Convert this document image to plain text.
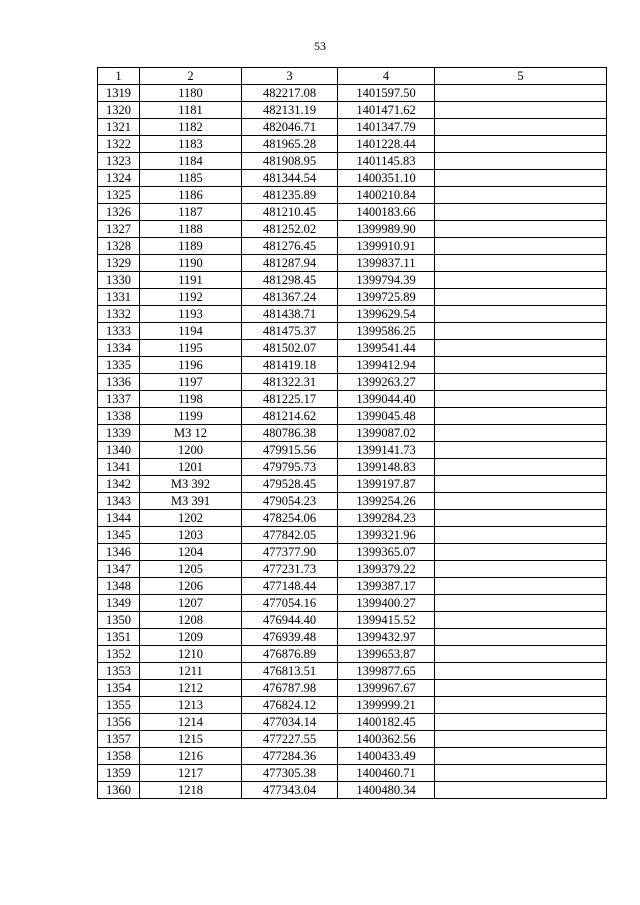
53
1	2	3	4	5
1319	1180	482217.08	1401597.50	
1320	1181	482131.19	1401471.62	
1321	1182	482046.71	1401347.79	
1322	1183	481965.28	1401228.44	
1323	1184	481908.95	1401145.83	
1324	1185	481344.54	1400351.10	
1325	1186	481235.89	1400210.84	
1326	1187	481210.45	1400183.66	
1327	1188	481252.02	1399989.90	
1328	1189	481276.45	1399910.91	
1329	1190	481287.94	1399837.11	
1330	1191	481298.45	1399794.39	
1331	1192	481367.24	1399725.89	
1332	1193	481438.71	1399629.54	
1333	1194	481475.37	1399586.25	
1334	1195	481502.07	1399541.44	
1335	1196	481419.18	1399412.94	
1336	1197	481322.31	1399263.27	
1337	1198	481225.17	1399044.40	
1338	1199	481214.62	1399045.48	
1339	МЗ 12	480786.38	1399087.02	
1340	1200	479915.56	1399141.73	
1341	1201	479795.73	1399148.83	
1342	МЗ 392	479528.45	1399197.87	
1343	МЗ 391	479054.23	1399254.26	
1344	1202	478254.06	1399284.23	
1345	1203	477842.05	1399321.96	
1346	1204	477377.90	1399365.07	
1347	1205	477231.73	1399379.22	
1348	1206	477148.44	1399387.17	
1349	1207	477054.16	1399400.27	
1350	1208	476944.40	1399415.52	
1351	1209	476939.48	1399432.97	
1352	1210	476876.89	1399653.87	
1353	1211	476813.51	1399877.65	
1354	1212	476787.98	1399967.67	
1355	1213	476824.12	1399999.21	
1356	1214	477034.14	1400182.45	
1357	1215	477227.55	1400362.56	
1358	1216	477284.36	1400433.49	
1359	1217	477305.38	1400460.71	
1360	1218	477343.04	1400480.34	
